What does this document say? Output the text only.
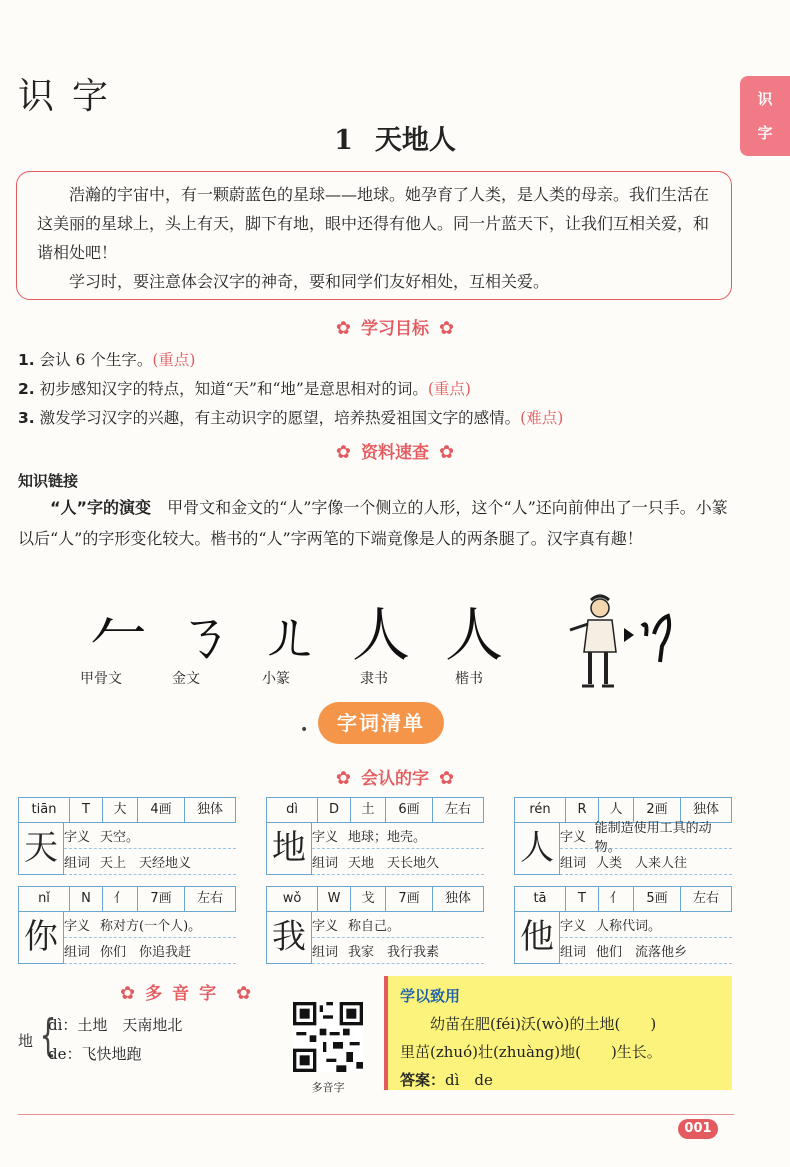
识
字
识字
1 天地人

浩瀚的宇宙中，有一颗蔚蓝色的星球——地球。她孕育了人类，是人类的母亲。我们生活在这美丽的星球上，头上有天，脚下有地，眼中还得有他人。同一片蓝天下，让我们互相关爱，和谐相处吧！

学习时，要注意体会汉字的神奇，要和同学们友好相处，互相关爱。

✿ 学习目标 ✿
1. 会认 6 个生字。(重点)
2. 初步感知汉字的特点，知道“天”和“地”是意思相对的词。(重点)
3. 激发学习汉字的兴趣，有主动识字的愿望，培养热爱祖国文字的感情。(难点)
✿ 资料速查 ✿
知识链接
“人”字的演变　 甲骨文和金文的“人”字像一个侧立的人形，这个“人”还向前伸出了一只手。小篆以后“人”的字形变化较大。楷书的“人”字两笔的下端竟像是人的两条腿了。汉字真有趣！
𠂉 ㄋ ㄦ 人 人
甲骨文	金文	小篆	隶书	楷书
•	字词清单
✿ 会认的字 ✿
tiān	T	大	4画	独体
天 字义 天空。
组词 天上　天经地义
dì	D	土	6画	左右
地 字义 地球；地壳。
组词 天地　天长地久
rén	R	人	2画	独体
人 字义
能制造使用工具的动物。
组词 人类　人来人往
nǐ	N	亻	7画	左右
你 字义 称对方(一个人)。
组词 你们　你追我赶
wǒ	W	戈	7画	独体
我 字义 称自己。
组词 我家　我行我素
tā	T	亻	5画	左右
他 字义 人称代词。
组词 他们　流落他乡
✿ 多音字 ✿
地 {
dì：土地　天南地北
de：飞快地跑
多音字

学以致用

幼苗在肥(féi)沃(wò)的土地(　　)

里茁(zhuó)壮(zhuàng)地(　　)生长。

答案：dì　de

001
